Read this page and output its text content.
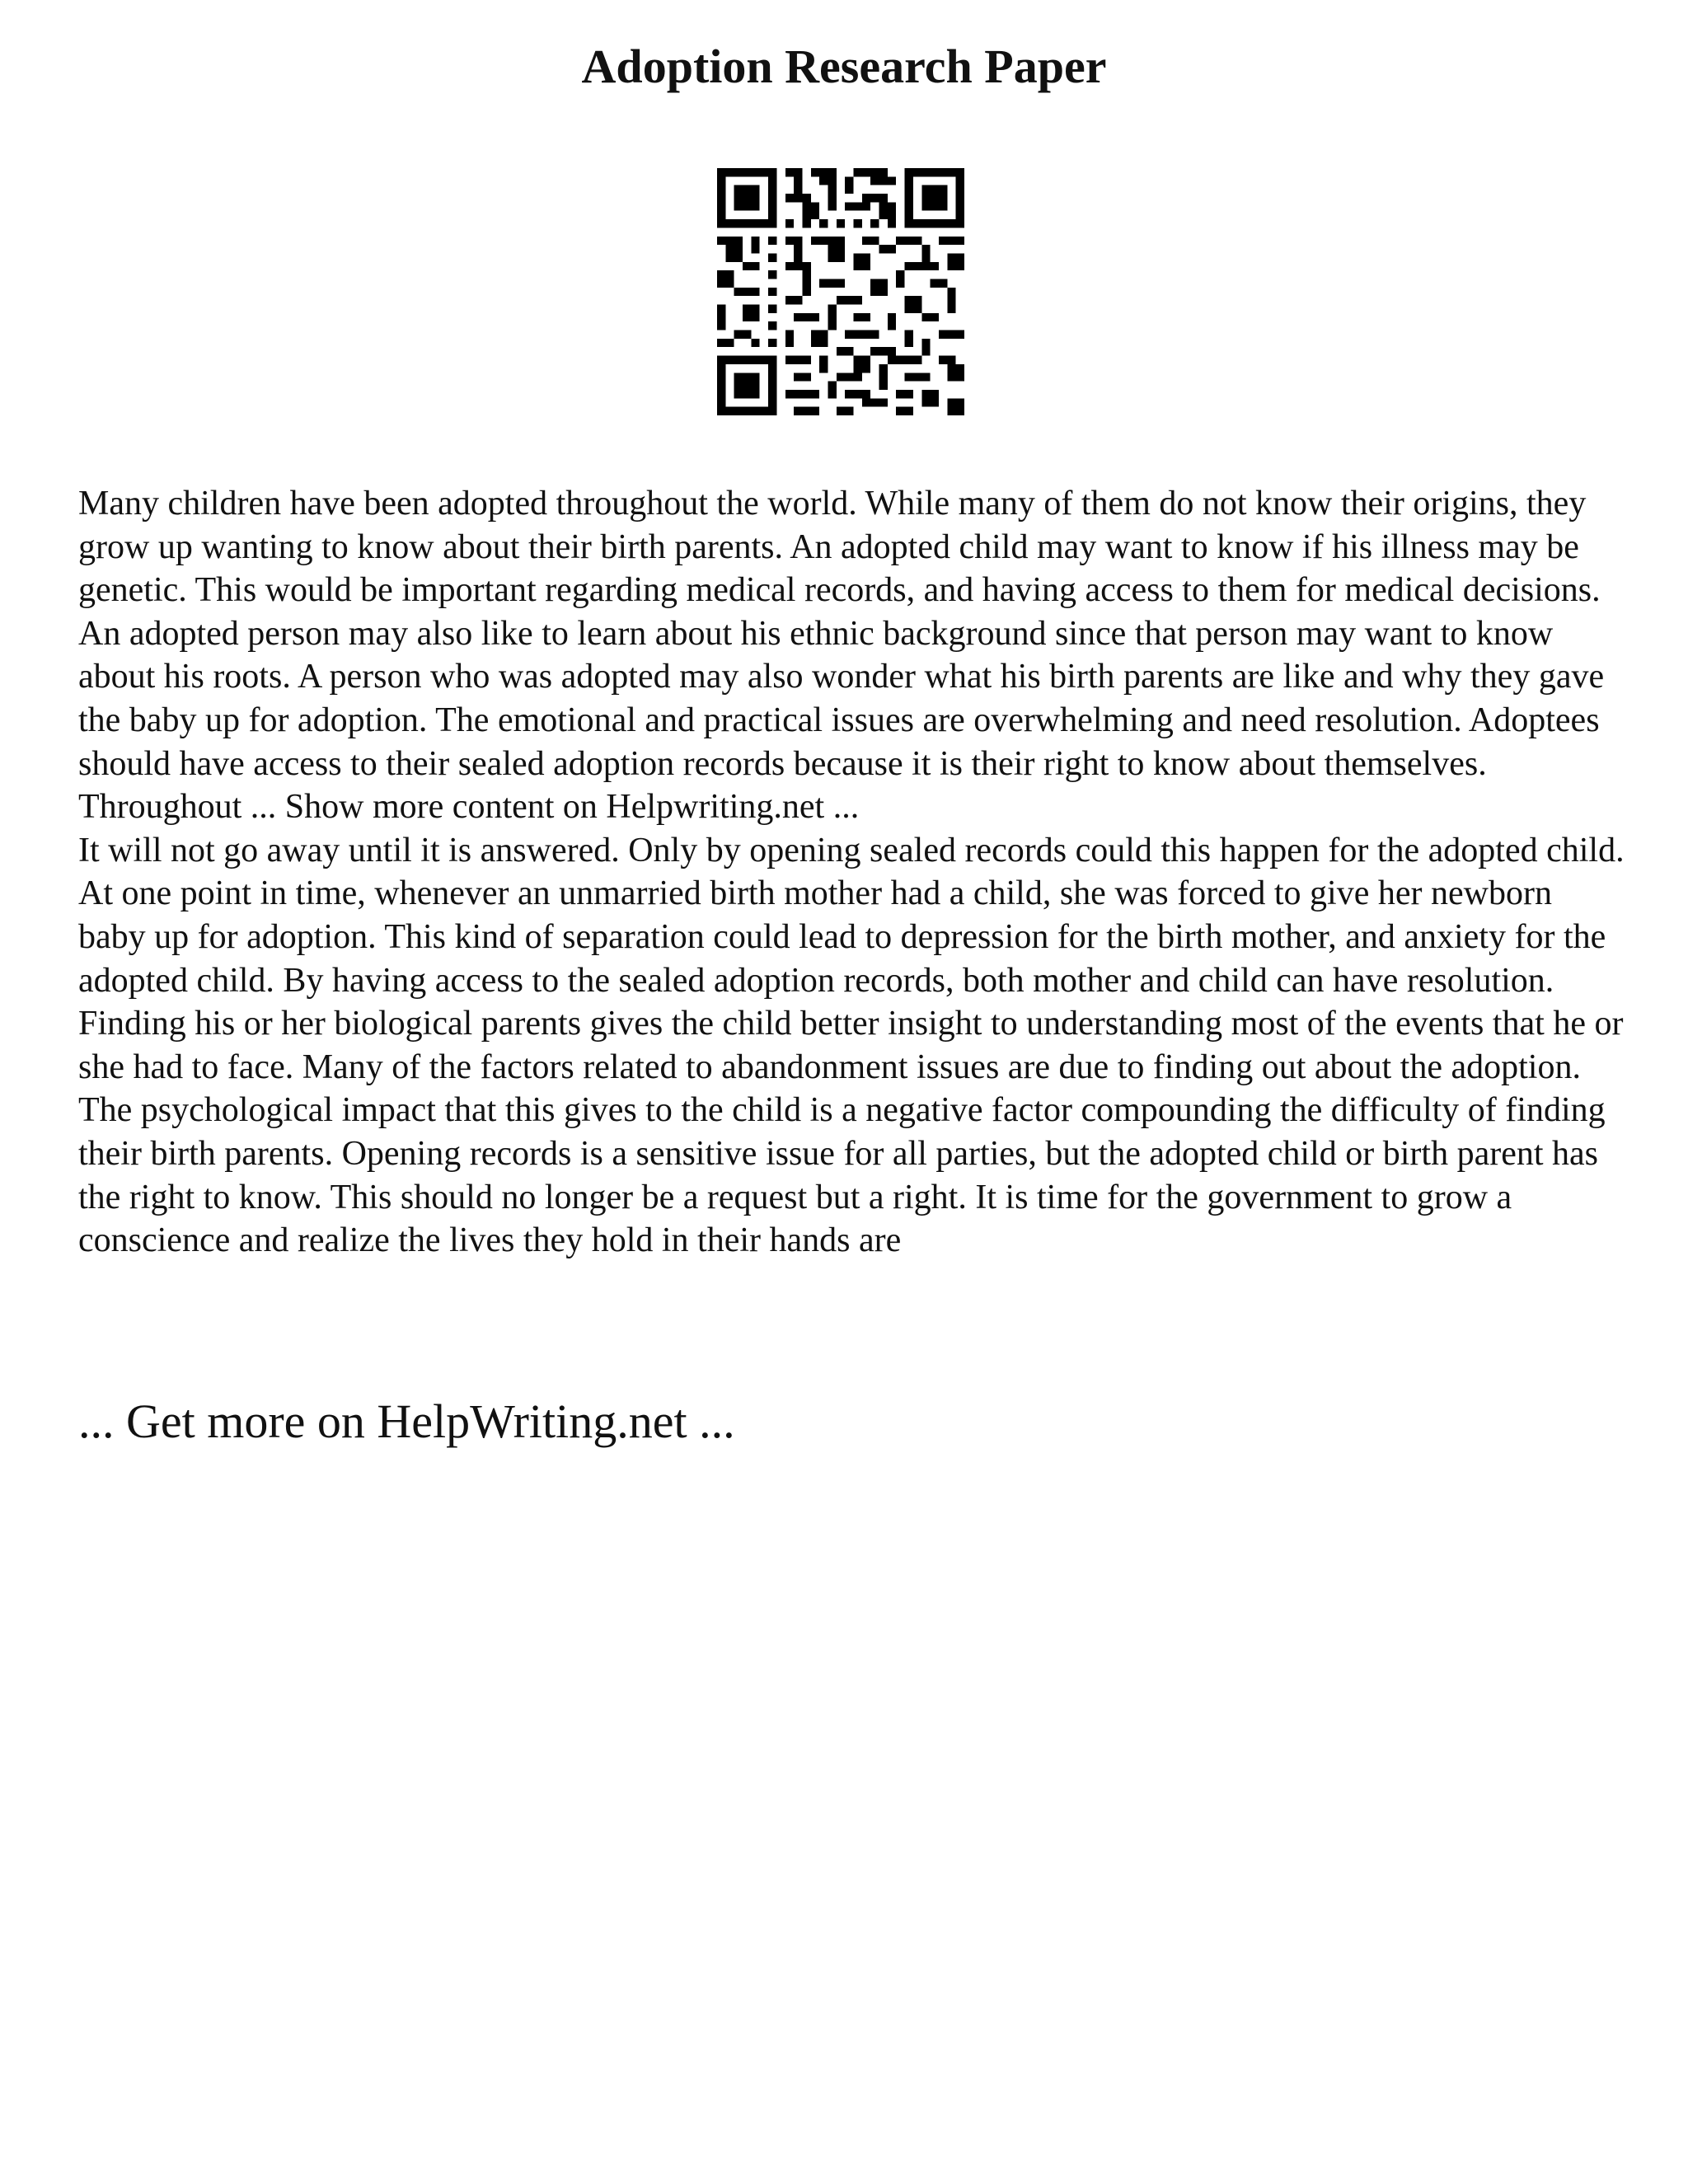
Adoption Research Paper

Many children have been adopted throughout the world. While many of them do not know their origins, they grow up wanting to know about their birth parents. An adopted child may want to know if his illness may be genetic. This would be important regarding medical records, and having access to them for medical decisions. An adopted person may also like to learn about his ethnic background since that person may want to know about his roots. A person who was adopted may also wonder what his birth parents are like and why they gave the baby up for adoption. The emotional and practical issues are overwhelming and need resolution. Adoptees should have access to their sealed adoption records because it is their right to know about themselves.

Throughout ... Show more content on Helpwriting.net ...

It will not go away until it is answered. Only by opening sealed records could this happen for the adopted child. At one point in time, whenever an unmarried birth mother had a child, she was forced to give her newborn baby up for adoption. This kind of separation could lead to depression for the birth mother, and anxiety for the adopted child. By having access to the sealed adoption records, both mother and child can have resolution. Finding his or her biological parents gives the child better insight to understanding most of the events that he or she had to face. Many of the factors related to abandonment issues are due to finding out about the adoption. The psychological impact that this gives to the child is a negative factor compounding the difficulty of finding their birth parents. Opening records is a sensitive issue for all parties, but the adopted child or birth parent has the right to know. This should no longer be a request but a right. It is time for the government to grow a conscience and realize the lives they hold in their hands are

... Get more on HelpWriting.net ...
